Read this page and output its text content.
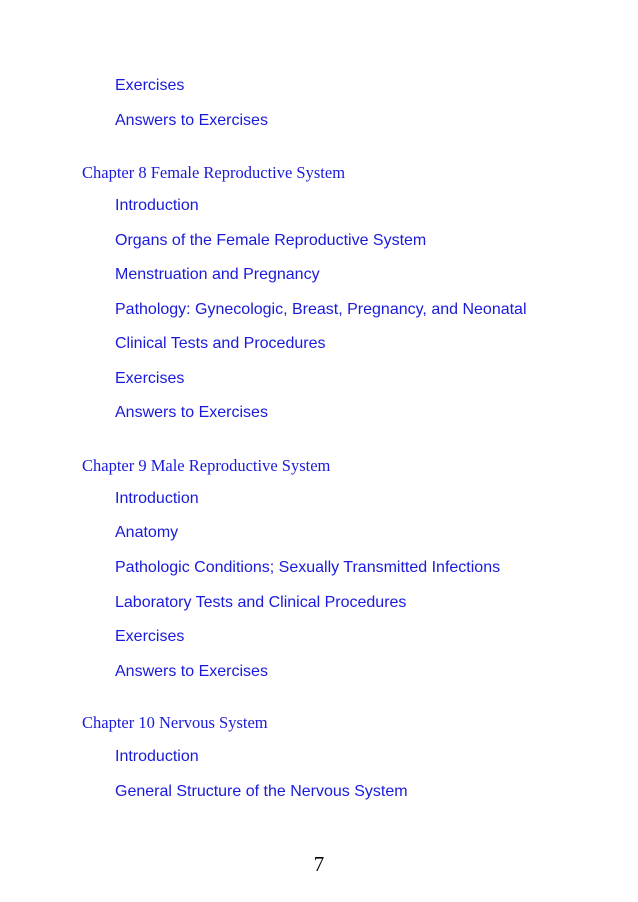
Exercises
Answers to Exercises
Chapter 8 Female Reproductive System
Introduction
Organs of the Female Reproductive System
Menstruation and Pregnancy
Pathology: Gynecologic, Breast, Pregnancy, and Neonatal
Clinical Tests and Procedures
Exercises
Answers to Exercises
Chapter 9 Male Reproductive System
Introduction
Anatomy
Pathologic Conditions; Sexually Transmitted Infections
Laboratory Tests and Clinical Procedures
Exercises
Answers to Exercises
Chapter 10 Nervous System
Introduction
General Structure of the Nervous System
7
